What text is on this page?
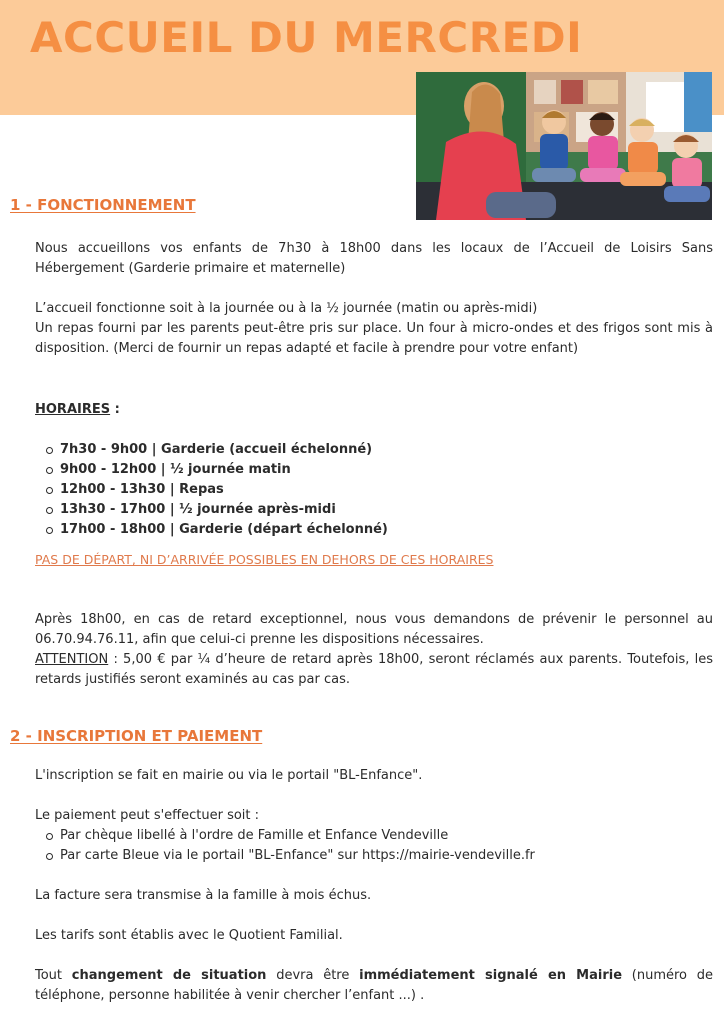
ACCUEIL DU MERCREDI
1 - FONCTIONNEMENT

Nous accueillons vos enfants de 7h30 à 18h00 dans les locaux de l’Accueil de Loisirs Sans Hébergement (Garderie primaire et maternelle)

L’accueil fonctionne soit à la journée ou à la ½ journée (matin ou après-midi)

Un repas fourni par les parents peut-être pris sur place. Un four à micro-ondes et des frigos sont mis à disposition. (Merci de fournir un repas adapté et facile à prendre pour votre enfant)

HORAIRES :

7h30 - 9h00 | Garderie (accueil échelonné)
9h00 - 12h00 | ½ journée matin
12h00 - 13h30 | Repas
13h30 - 17h00 | ½ journée après-midi
17h00 - 18h00 | Garderie (départ échelonné)

PAS DE DÉPART, NI D’ARRIVÉE POSSIBLES EN DEHORS DE CES HORAIRES

Après 18h00, en cas de retard exceptionnel, nous vous demandons de prévenir le personnel au 06.70.94.76.11, afin que celui-ci prenne les dispositions nécessaires.

ATTENTION : 5,00 € par ¼ d’heure de retard après 18h00, seront réclamés aux parents. Toutefois, les retards justifiés seront examinés au cas par cas.

2 - INSCRIPTION ET PAIEMENT

L'inscription se fait en mairie ou via le portail "BL-Enfance".

Le paiement peut s'effectuer soit :

Par chèque libellé à l'ordre de Famille et Enfance Vendeville
Par carte Bleue via le portail "BL-Enfance" sur https://mairie-vendeville.fr

La facture sera transmise à la famille à mois échus.

Les tarifs sont établis avec le Quotient Familial.

Tout changement de situation devra être immédiatement signalé en Mairie (numéro de téléphone, personne habilitée à venir chercher l’enfant ...) .
